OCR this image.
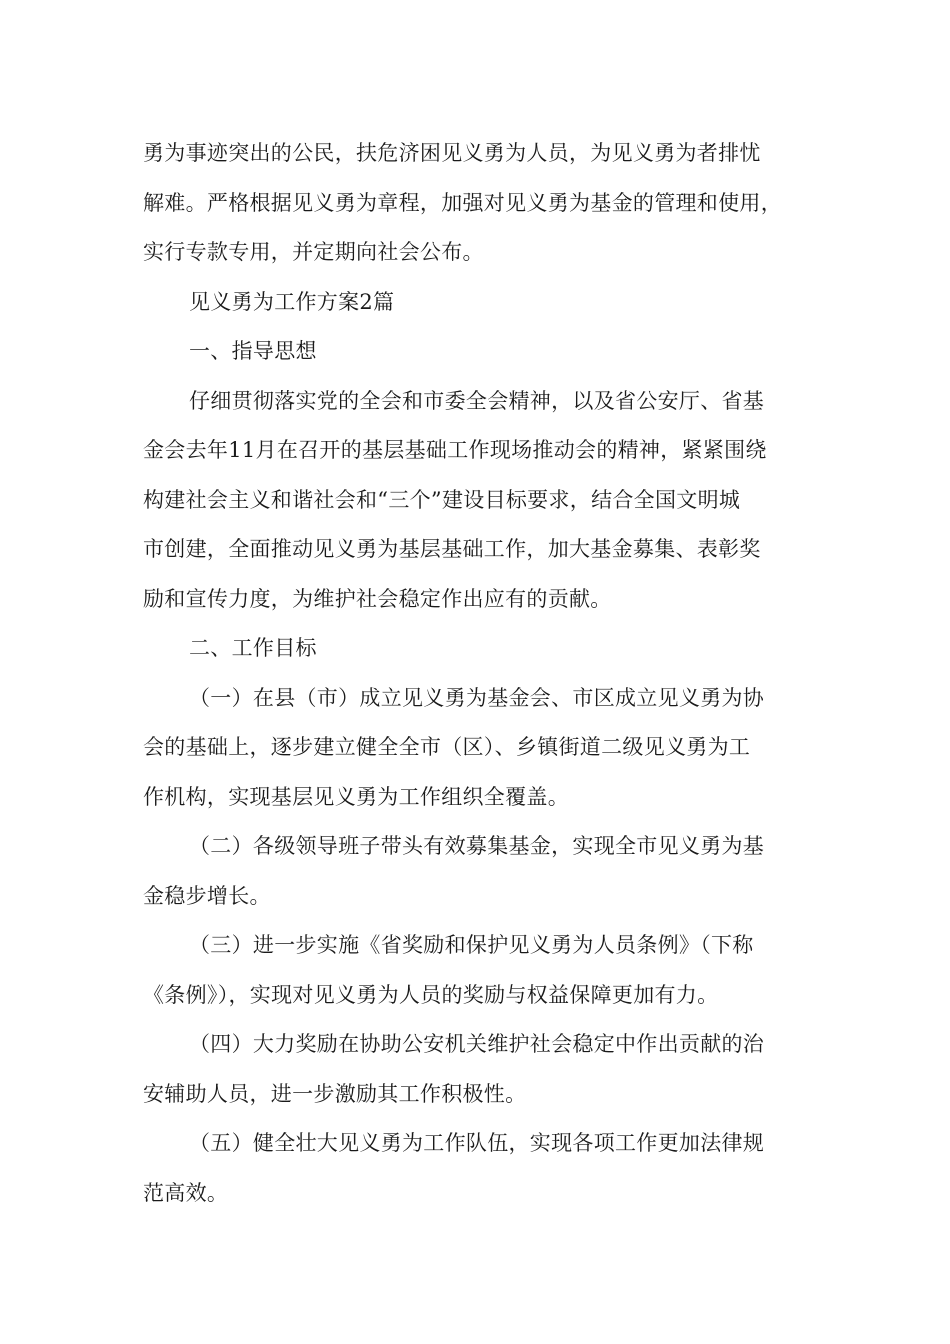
勇为事迹突出的公民，扶危济困见义勇为人员，为见义勇为者排忧
解难。严格根据见义勇为章程，加强对见义勇为基金的管理和使用，
实行专款专用，并定期向社会公布。
见义勇为工作方案2篇
一、指导思想
仔细贯彻落实党的全会和市委全会精神，以及省公安厅、省基
金会去年11月在召开的基层基础工作现场推动会的精神，紧紧围绕
构建社会主义和谐社会和“三个”建设目标要求，结合全国文明城
市创建，全面推动见义勇为基层基础工作，加大基金募集、表彰奖
励和宣传力度，为维护社会稳定作出应有的贡献。
二、工作目标
（一）在县（市）成立见义勇为基金会、市区成立见义勇为协
会的基础上，逐步建立健全全市（区）、乡镇街道二级见义勇为工
作机构，实现基层见义勇为工作组织全覆盖。
（二）各级领导班子带头有效募集基金，实现全市见义勇为基
金稳步增长。
（三）进一步实施《省奖励和保护见义勇为人员条例》（下称
《条例》），实现对见义勇为人员的奖励与权益保障更加有力。
（四）大力奖励在协助公安机关维护社会稳定中作出贡献的治
安辅助人员，进一步激励其工作积极性。
（五）健全壮大见义勇为工作队伍，实现各项工作更加法律规
范高效。
